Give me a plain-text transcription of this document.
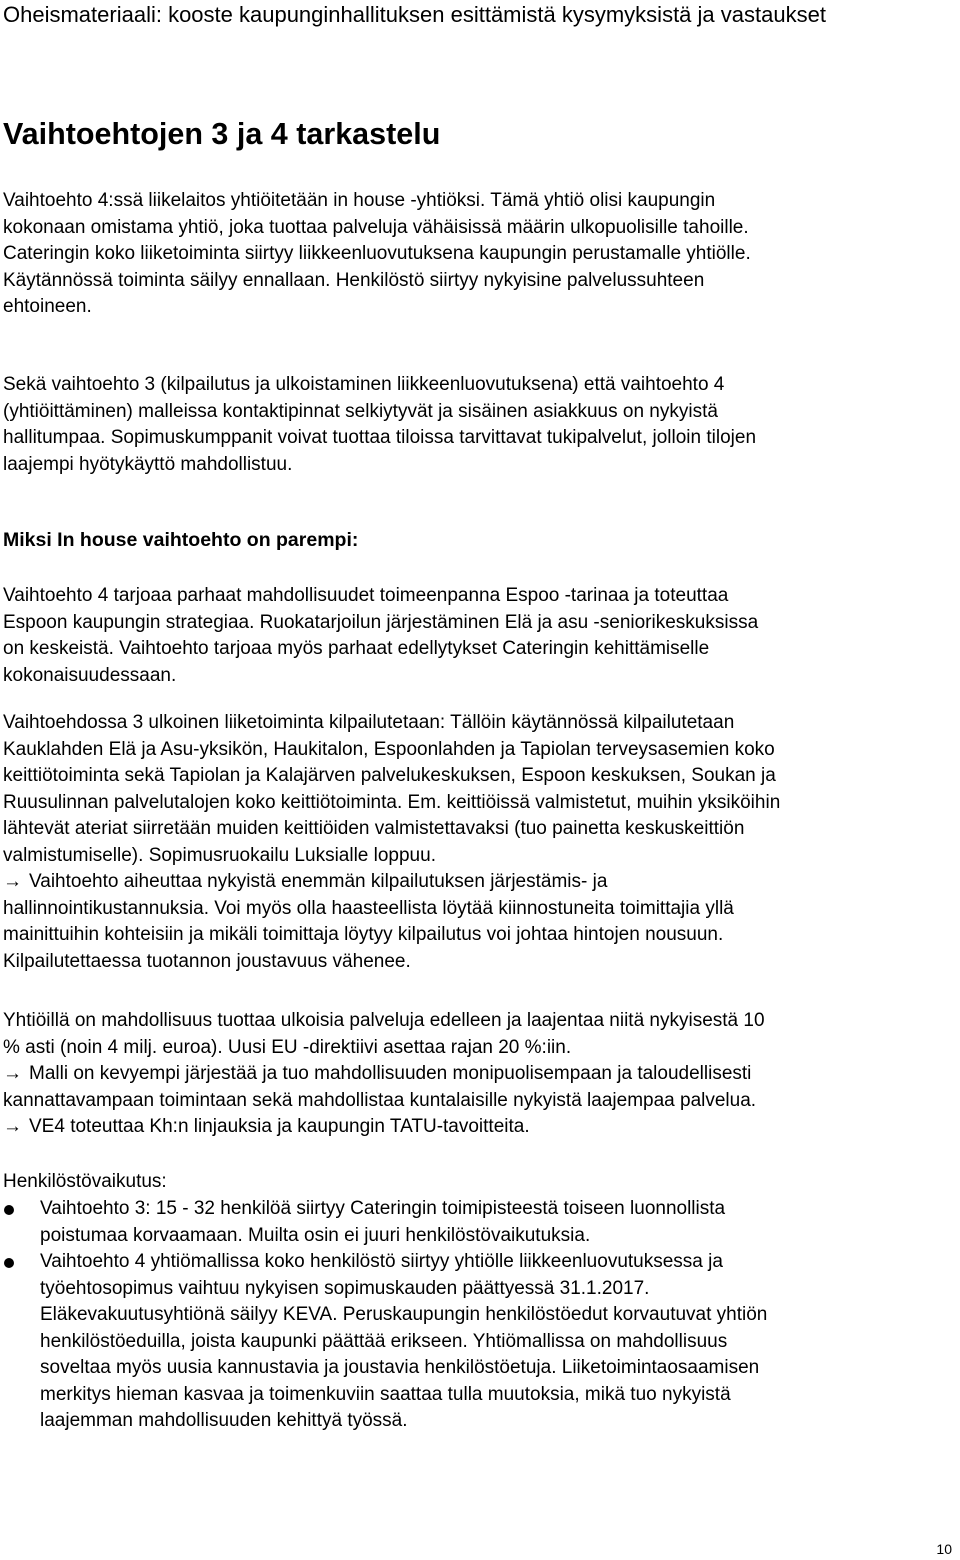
Oheismateriaali: kooste kaupunginhallituksen esittämistä kysymyksistä ja vastaukset
Vaihtoehtojen 3 ja 4 tarkastelu

Vaihtoehto 4:ssä liikelaitos yhtiöitetään in house -yhtiöksi. Tämä yhtiö olisi kaupungin
kokonaan omistama yhtiö, joka tuottaa palveluja vähäisissä määrin ulkopuolisille tahoille.
Cateringin koko liiketoiminta siirtyy liikkeenluovutuksena kaupungin perustamalle yhtiölle.
Käytännössä toiminta säilyy ennallaan. Henkilöstö siirtyy nykyisine palvelussuhteen
ehtoineen.

Sekä vaihtoehto 3 (kilpailutus ja ulkoistaminen liikkeenluovutuksena) että vaihtoehto 4
(yhtiöittäminen) malleissa kontaktipinnat selkiytyvät ja sisäinen asiakkuus on nykyistä
hallitumpaa. Sopimuskumppanit voivat tuottaa tiloissa tarvittavat tukipalvelut, jolloin tilojen
laajempi hyötykäyttö mahdollistuu.

Miksi In house vaihtoehto on parempi:

Vaihtoehto 4 tarjoaa parhaat mahdollisuudet toimeenpanna Espoo -tarinaa ja toteuttaa
Espoon kaupungin strategiaa. Ruokatarjoilun järjestäminen Elä ja asu -seniorikeskuksissa
on keskeistä. Vaihtoehto tarjoaa myös parhaat edellytykset Cateringin kehittämiselle
kokonaisuudessaan.

Vaihtoehdossa 3 ulkoinen liiketoiminta kilpailutetaan: Tällöin käytännössä kilpailutetaan
Kauklahden Elä ja Asu-yksikön, Haukitalon, Espoonlahden ja Tapiolan terveysasemien koko
keittiötoiminta sekä Tapiolan ja Kalajärven palvelukeskuksen, Espoon keskuksen, Soukan ja
Ruusulinnan palvelutalojen koko keittiötoiminta. Em. keittiöissä valmistetut, muihin yksiköihin
lähtevät ateriat siirretään muiden keittiöiden valmistettavaksi (tuo painetta keskuskeittiön
valmistumiselle). Sopimusruokailu Luksialle loppuu.
→ Vaihtoehto aiheuttaa nykyistä enemmän kilpailutuksen järjestämis- ja
hallinnointikustannuksia. Voi myös olla haasteellista löytää kiinnostuneita toimittajia yllä
mainittuihin kohteisiin ja mikäli toimittaja löytyy kilpailutus voi johtaa hintojen nousuun.
Kilpailutettaessa tuotannon joustavuus vähenee.

Yhtiöillä on mahdollisuus tuottaa ulkoisia palveluja edelleen ja laajentaa niitä nykyisestä 10
% asti (noin 4 milj. euroa). Uusi EU -direktiivi asettaa rajan 20 %:iin.
→ Malli on kevyempi järjestää ja tuo mahdollisuuden monipuolisempaan ja taloudellisesti
kannattavampaan toimintaan sekä mahdollistaa kuntalaisille nykyistä laajempaa palvelua.
→ VE4 toteuttaa Kh:n linjauksia ja kaupungin TATU-tavoitteita.

Henkilöstövaikutus:
Vaihtoehto 3: 15 - 32 henkilöä siirtyy Cateringin toimipisteestä toiseen luonnollista
poistumaa korvaamaan. Muilta osin ei juuri henkilöstövaikutuksia.
Vaihtoehto 4 yhtiömallissa koko henkilöstö siirtyy yhtiölle liikkeenluovutuksessa ja
työehtosopimus vaihtuu nykyisen sopimuskauden päättyessä 31.1.2017.
Eläkevakuutusyhtiönä säilyy KEVA. Peruskaupungin henkilöstöedut korvautuvat yhtiön
henkilöstöeduilla, joista kaupunki päättää erikseen. Yhtiömallissa on mahdollisuus
soveltaa myös uusia kannustavia ja joustavia henkilöstöetuja. Liiketoimintaosaamisen
merkitys hieman kasvaa ja toimenkuviin saattaa tulla muutoksia, mikä tuo nykyistä
laajemman mahdollisuuden kehittyä työssä.
10
